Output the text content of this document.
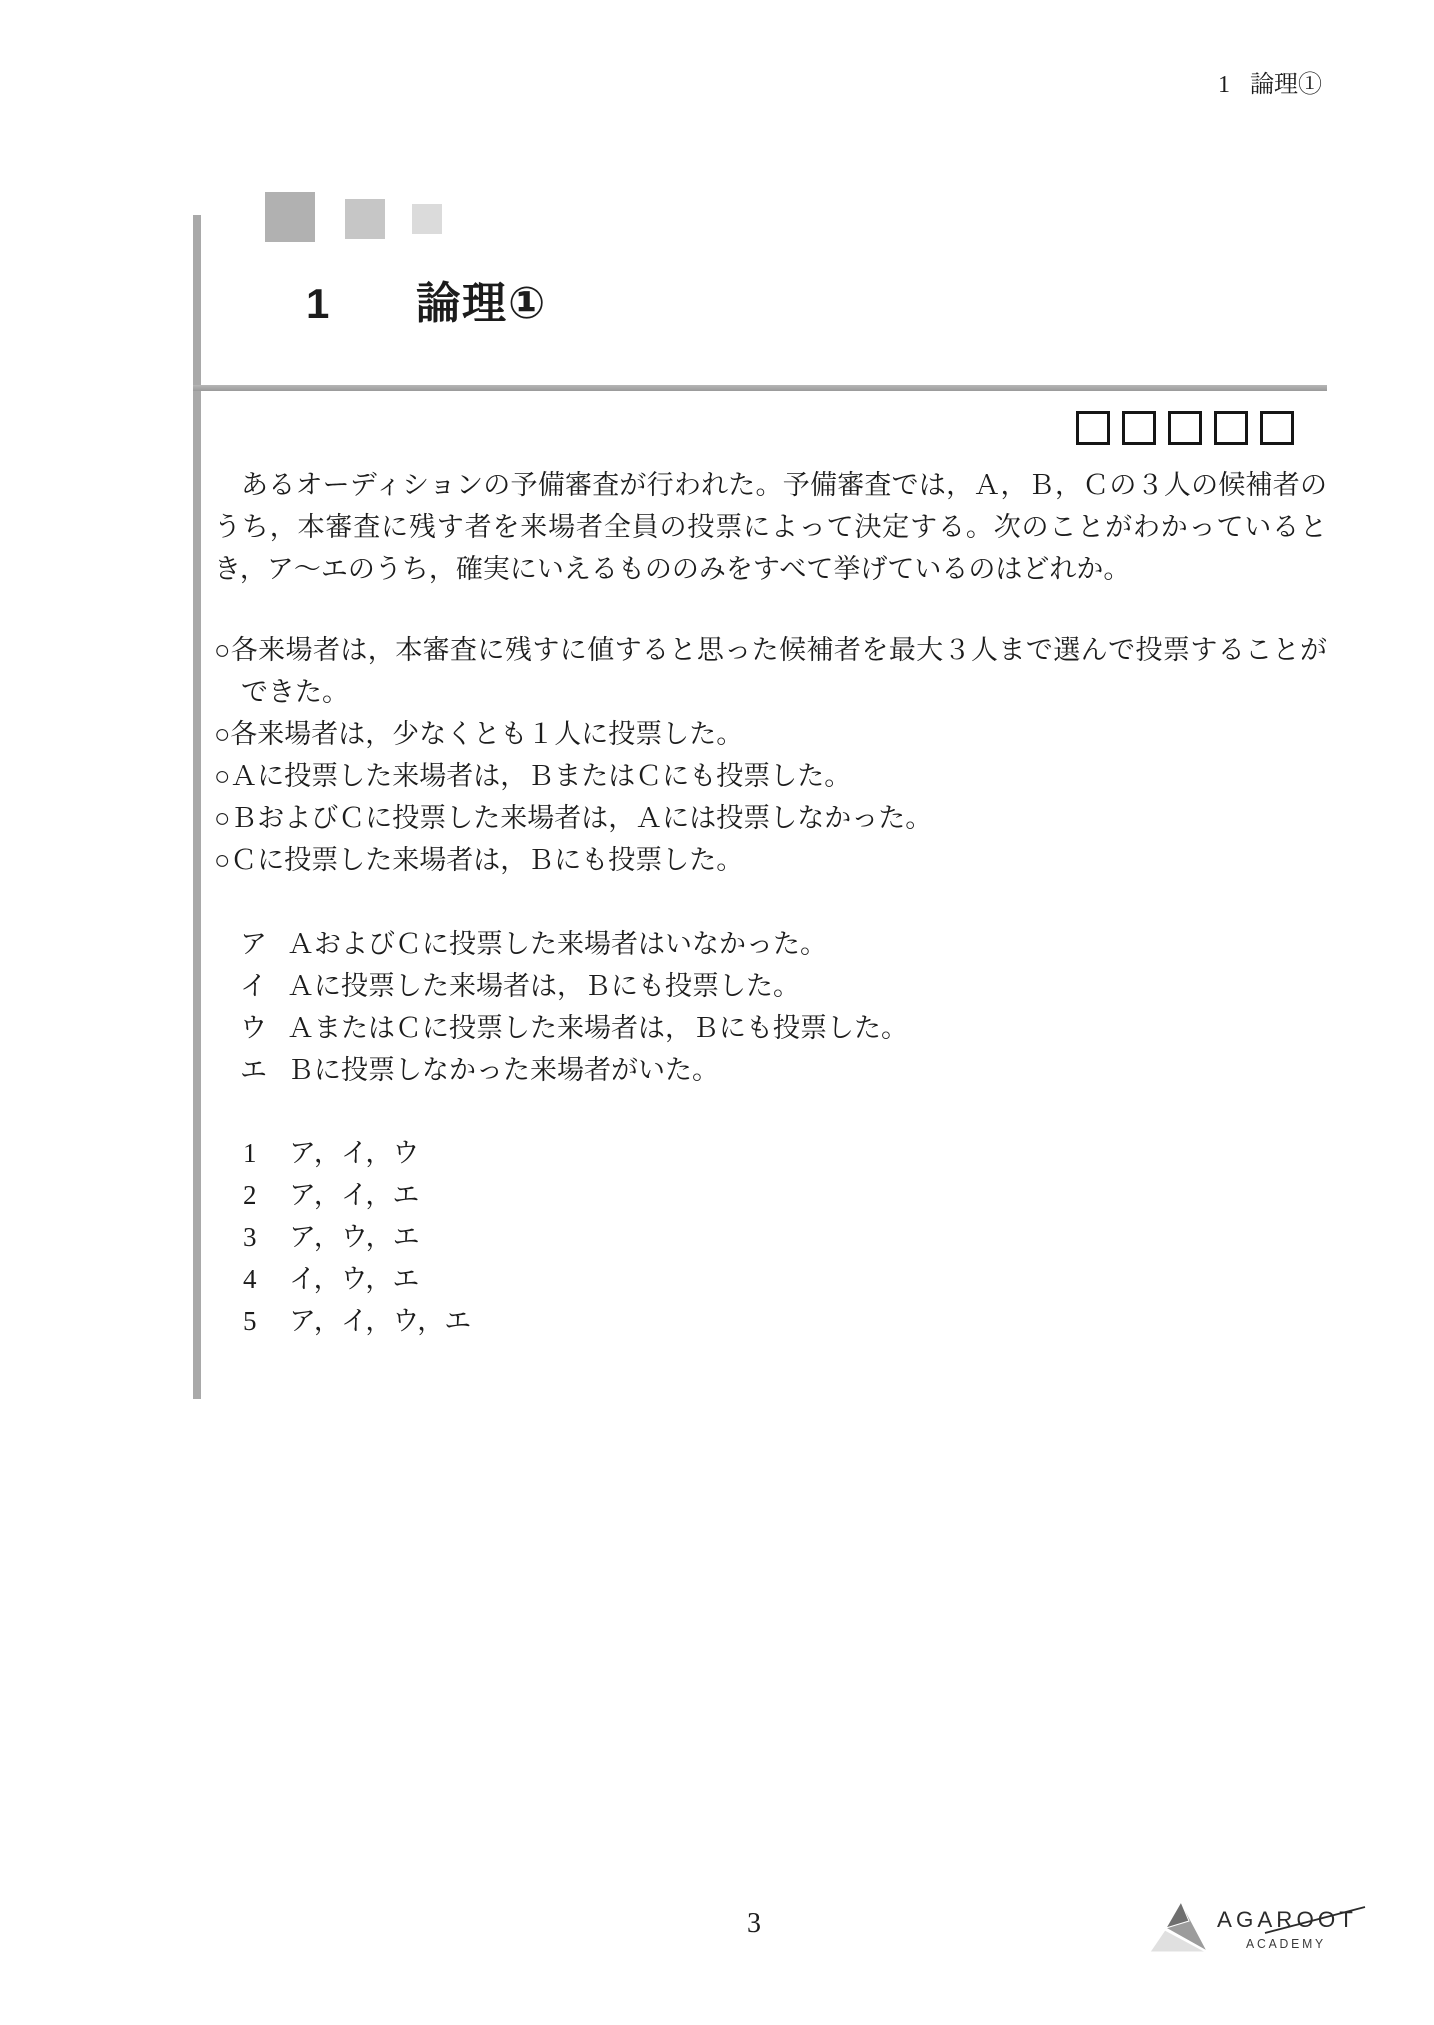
1 論理①
1 論理①

あるオーディションの予備審査が行われた。予備審査では，Ａ，Ｂ，Ｃの３人の候補者のうち，本審査に残す者を来場者全員の投票によって決定する。次のことがわかっているとき，ア～エのうち，確実にいえるもののみをすべて挙げているのはどれか。

○各来場者は，本審査に残すに値すると思った候補者を最大３人まで選んで投票することができた。

○各来場者は，少なくとも１人に投票した。

○Ａに投票した来場者は，ＢまたはＣにも投票した。

○ＢおよびＣに投票した来場者は，Ａには投票しなかった。

○Ｃに投票した来場者は，Ｂにも投票した。

ア ＡおよびＣに投票した来場者はいなかった。

イ Ａに投票した来場者は，Ｂにも投票した。

ウ ＡまたはＣに投票した来場者は，Ｂにも投票した。

エ Ｂに投票しなかった来場者がいた。

1 ア，イ，ウ

2 ア，イ，エ

3 ア，ウ，エ

4 イ，ウ，エ

5 ア，イ，ウ，エ

3	AGAROOT
ACADEMY
